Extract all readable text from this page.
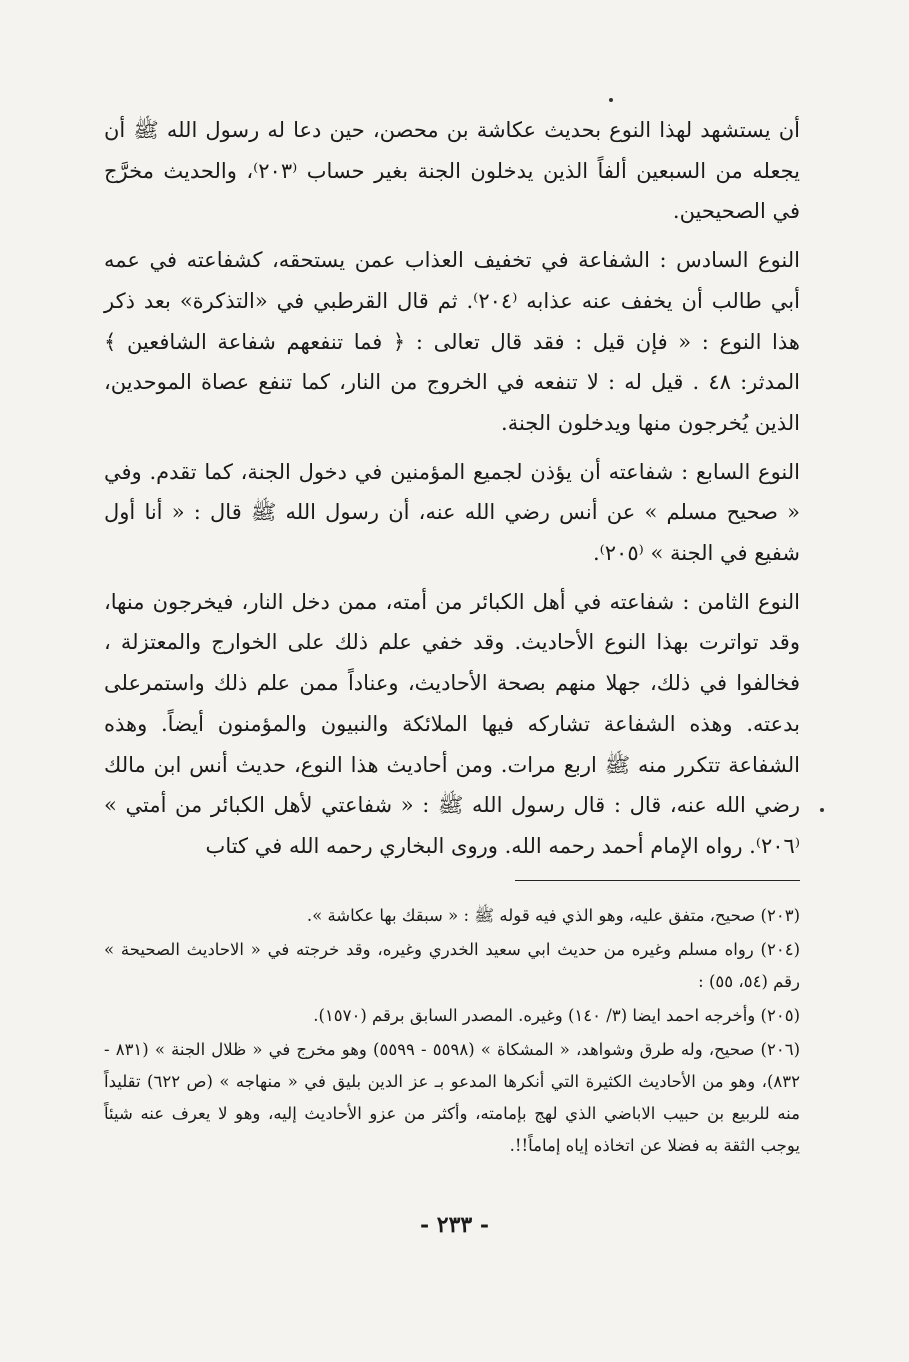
أن يستشهد لهذا النوع بحديث عكاشة بن محصن، حين دعا له رسول الله ﷺ أن يجعله من السبعين ألفاً الذين يدخلون الجنة بغير حساب ⁽٢٠٣⁾، والحديث مخرَّج في الصحيحين.

النوع السادس : الشفاعة في تخفيف العذاب عمن يستحقه، كشفاعته في عمه أبي طالب أن يخفف عنه عذابه ⁽٢٠٤⁾. ثم قال القرطبي في «التذكرة» بعد ذكر هذا النوع : « فإن قيل : فقد قال تعالى : ﴿ فما تنفعهم شفاعة الشافعين ﴾ المدثر: ٤٨ . قيل له : لا تنفعه في الخروج من النار، كما تنفع عصاة الموحدين، الذين يُخرجون منها ويدخلون الجنة.

النوع السابع : شفاعته أن يؤذن لجميع المؤمنين في دخول الجنة، كما تقدم. وفي « صحيح مسلم » عن أنس رضي الله عنه، أن رسول الله ﷺ قال : « أنا أول شفيع في الجنة » ⁽٢٠٥⁾.

النوع الثامن : شفاعته في أهل الكبائر من أمته، ممن دخل النار، فيخرجون منها، وقد تواترت بهذا النوع الأحاديث. وقد خفي علم ذلك على الخوارج والمعتزلة ، فخالفوا في ذلك، جهلا منهم بصحة الأحاديث، وعناداً ممن علم ذلك واستمرعلى بدعته. وهذه الشفاعة تشاركه فيها الملائكة والنبيون والمؤمنون أيضاً. وهذه الشفاعة تتكرر منه ﷺ اربع مرات. ومن أحاديث هذا النوع، حديث أنس ابن مالك رضي الله عنه، قال : قال رسول الله ﷺ : « شفاعتي لأهل الكبائر من أمتي » ⁽٢٠٦⁾. رواه الإمام أحمد رحمه الله. وروى البخاري رحمه الله في كتاب

(٢٠٣) صحيح، متفق عليه، وهو الذي فيه قوله ﷺ : « سبقك بها عكاشة ».

(٢٠٤) رواه مسلم وغيره من حديث ابي سعيد الخدري وغيره، وقد خرجته في « الاحاديث الصحيحة » رقم (٥٤، ٥٥) :

(٢٠٥) وأخرجه احمد ايضا (٣/ ١٤٠) وغيره. المصدر السابق برقم (١٥٧٠).

(٢٠٦) صحيح، وله طرق وشواهد، « المشكاة » (٥٥٩٨ - ٥٥٩٩) وهو مخرج في « ظلال الجنة » (٨٣١ - ٨٣٢)، وهو من الأحاديث الكثيرة التي أنكرها المدعو بـ عز الدين بليق في « منهاجه » (ص ٦٢٢) تقليداً منه للربيع بن حبيب الاباضي الذي لهج بإمامته، وأكثر من عزو الأحاديث إليه، وهو لا يعرف عنه شيئاً يوجب الثقة به فضلا عن اتخاذه إياه إماماً!!.

- ٢٣٣ -
